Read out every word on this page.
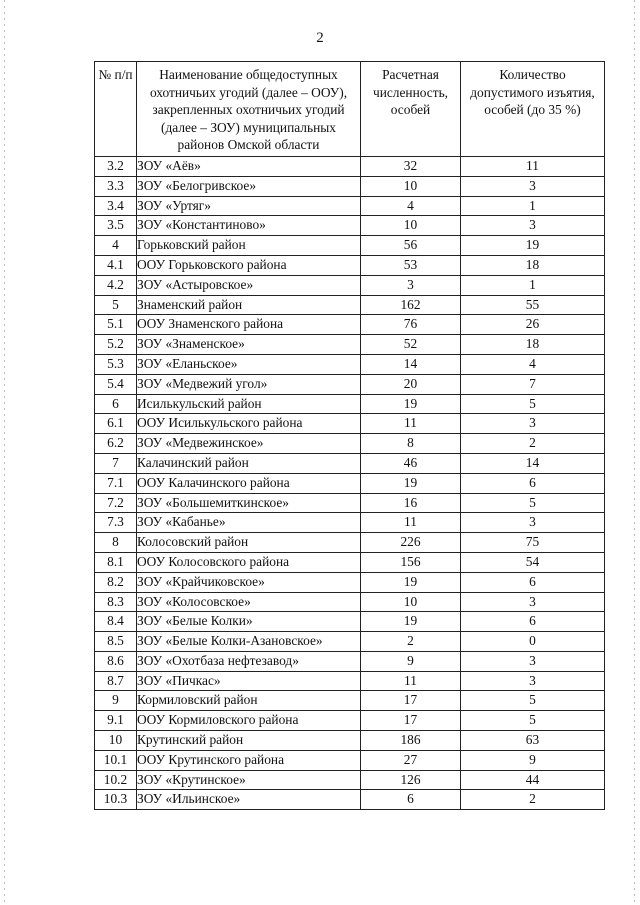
2
№ п/п	Наименование общедоступных охотничьих угодий (далее – ООУ), закрепленных охотничьих угодий (далее – ЗОУ) муниципальных районов Омской области	Расчетная численность, особей	Количество допустимого изъятия, особей (до 35 %)
3.2	ЗОУ «Аёв»	32	11
3.3	ЗОУ «Белогривское»	10	3
3.4	ЗОУ «Уртяг»	4	1
3.5	ЗОУ «Константиново»	10	3
4	Горьковский район	56	19
4.1	ООУ Горьковского района	53	18
4.2	ЗОУ «Астыровское»	3	1
5	Знаменский район	162	55
5.1	ООУ Знаменского района	76	26
5.2	ЗОУ «Знаменское»	52	18
5.3	ЗОУ «Еланьское»	14	4
5.4	ЗОУ «Медвежий угол»	20	7
6	Исилькульский район	19	5
6.1	ООУ Исилькульского района	11	3
6.2	ЗОУ «Медвежинское»	8	2
7	Калачинский район	46	14
7.1	ООУ Калачинского района	19	6
7.2	ЗОУ «Большемиткинское»	16	5
7.3	ЗОУ «Кабанье»	11	3
8	Колосовский район	226	75
8.1	ООУ Колосовского района	156	54
8.2	ЗОУ «Крайчиковское»	19	6
8.3	ЗОУ «Колосовское»	10	3
8.4	ЗОУ «Белые Колки»	19	6
8.5	ЗОУ «Белые Колки-Азановское»	2	0
8.6	ЗОУ «Охотбаза нефтезавод»	9	3
8.7	ЗОУ «Пичкас»	11	3
9	Кормиловский район	17	5
9.1	ООУ Кормиловского района	17	5
10	Крутинский район	186	63
10.1	ООУ Крутинского района	27	9
10.2	ЗОУ «Крутинское»	126	44
10.3	ЗОУ «Ильинское»	6	2
